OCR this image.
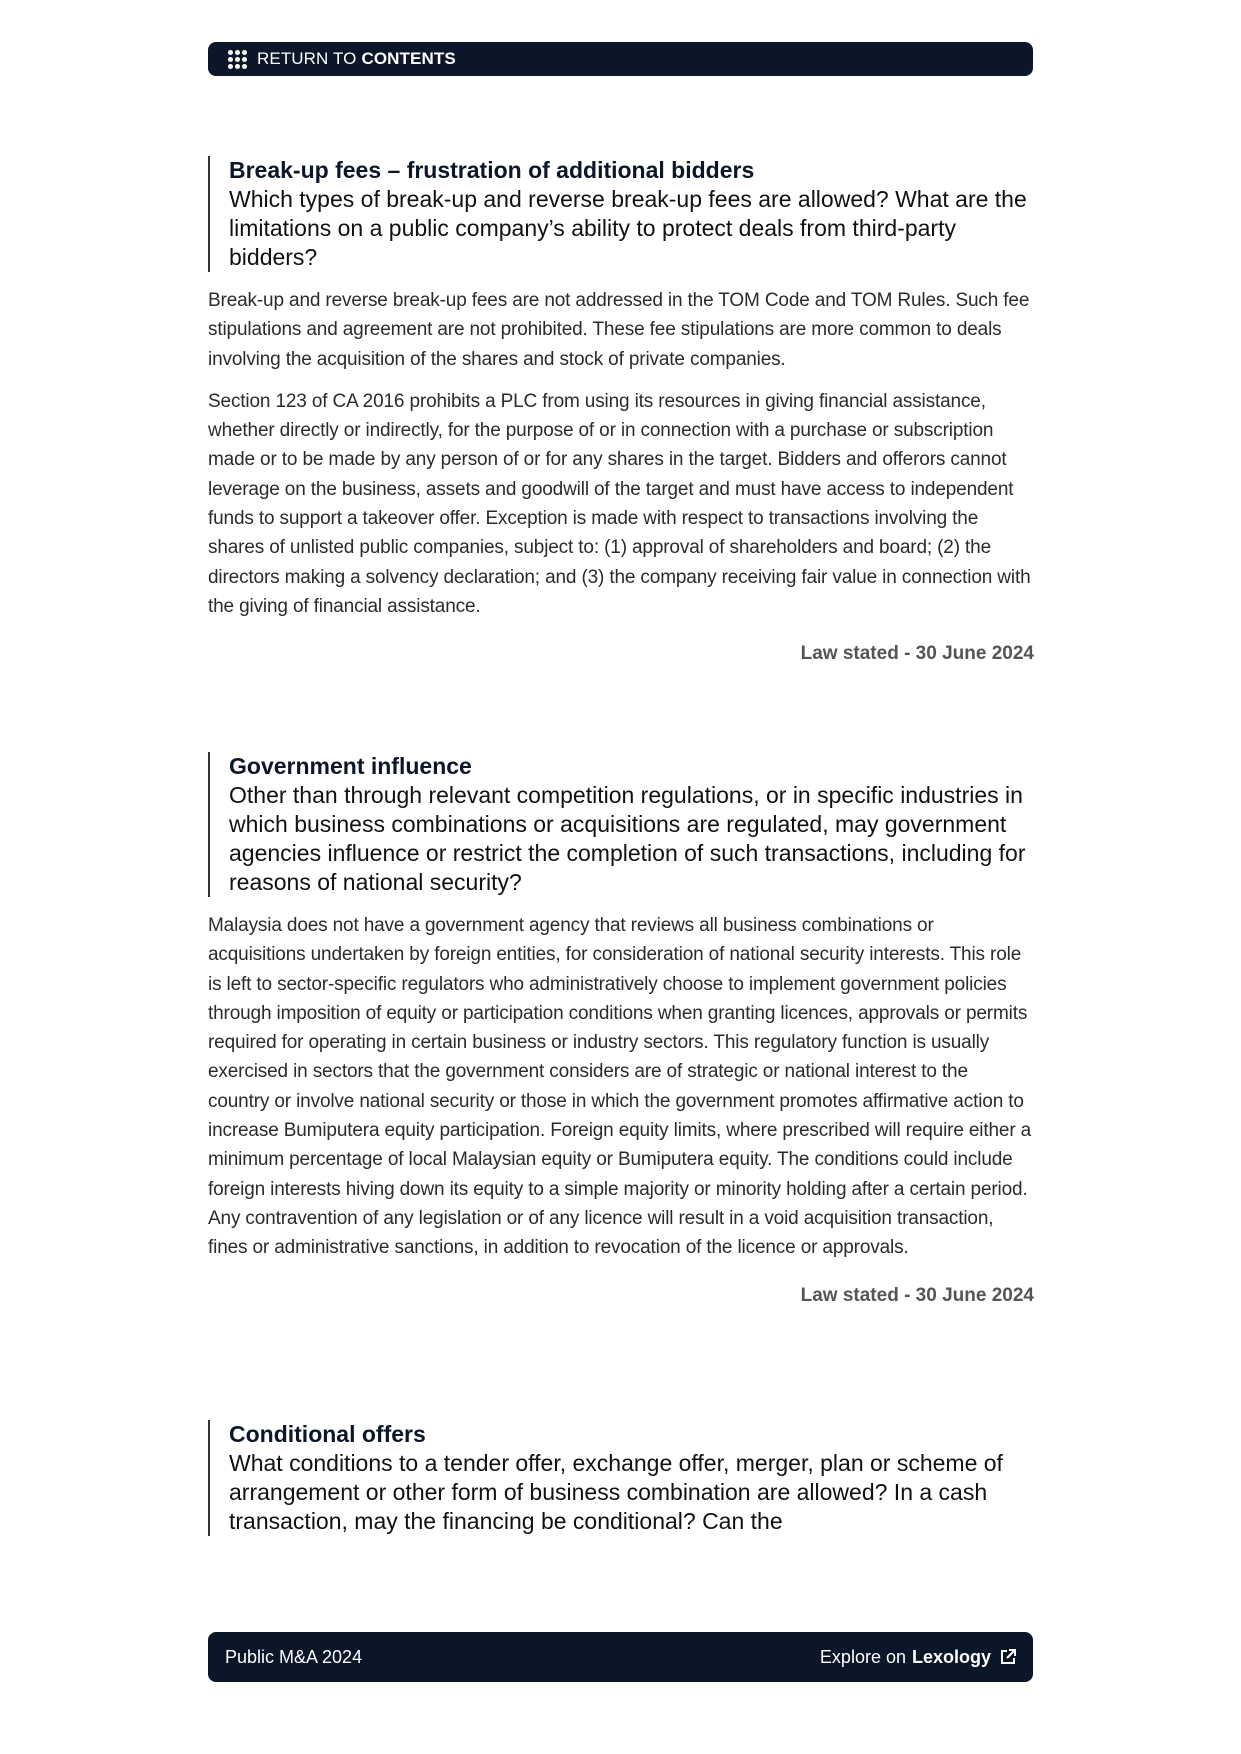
RETURN TO CONTENTS
Break-up fees – frustration of additional bidders
Which types of break-up and reverse break-up fees are allowed? What are the limitations on a public company’s ability to protect deals from third-party bidders?

Break-up and reverse break-up fees are not addressed in the TOM Code and TOM Rules. Such fee stipulations and agreement are not prohibited. These fee stipulations are more common to deals involving the acquisition of the shares and stock of private companies.

Section 123 of CA 2016 prohibits a PLC from using its resources in giving financial assistance, whether directly or indirectly, for the purpose of or in connection with a purchase or subscription made or to be made by any person of or for any shares in the target. Bidders and offerors cannot leverage on the business, assets and goodwill of the target and must have access to independent funds to support a takeover offer. Exception is made with respect to transactions involving the shares of unlisted public companies, subject to: (1) approval of shareholders and board; (2) the directors making a solvency declaration; and (3) the company receiving fair value in connection with the giving of financial assistance.

Law stated - 30 June 2024
Government influence
Other than through relevant competition regulations, or in specific industries in which business combinations or acquisitions are regulated, may government agencies influence or restrict the completion of such transactions, including for reasons of national security?

Malaysia does not have a government agency that reviews all business combinations or acquisitions undertaken by foreign entities, for consideration of national security interests. This role is left to sector-specific regulators who administratively choose to implement government policies through imposition of equity or participation conditions when granting licences, approvals or permits required for operating in certain business or industry sectors. This regulatory function is usually exercised in sectors that the government considers are of strategic or national interest to the country or involve national security or those in which the government promotes affirmative action to increase Bumiputera equity participation. Foreign equity limits, where prescribed will require either a minimum percentage of local Malaysian equity or Bumiputera equity. The conditions could include foreign interests hiving down its equity to a simple majority or minority holding after a certain period. Any contravention of any legislation or of any licence will result in a void acquisition transaction, fines or administrative sanctions, in addition to revocation of the licence or approvals.

Law stated - 30 June 2024
Conditional offers
What conditions to a tender offer, exchange offer, merger, plan or scheme of arrangement or other form of business combination are allowed? In a cash transaction, may the financing be conditional? Can the
Public M&A 2024	Explore on Lexology
